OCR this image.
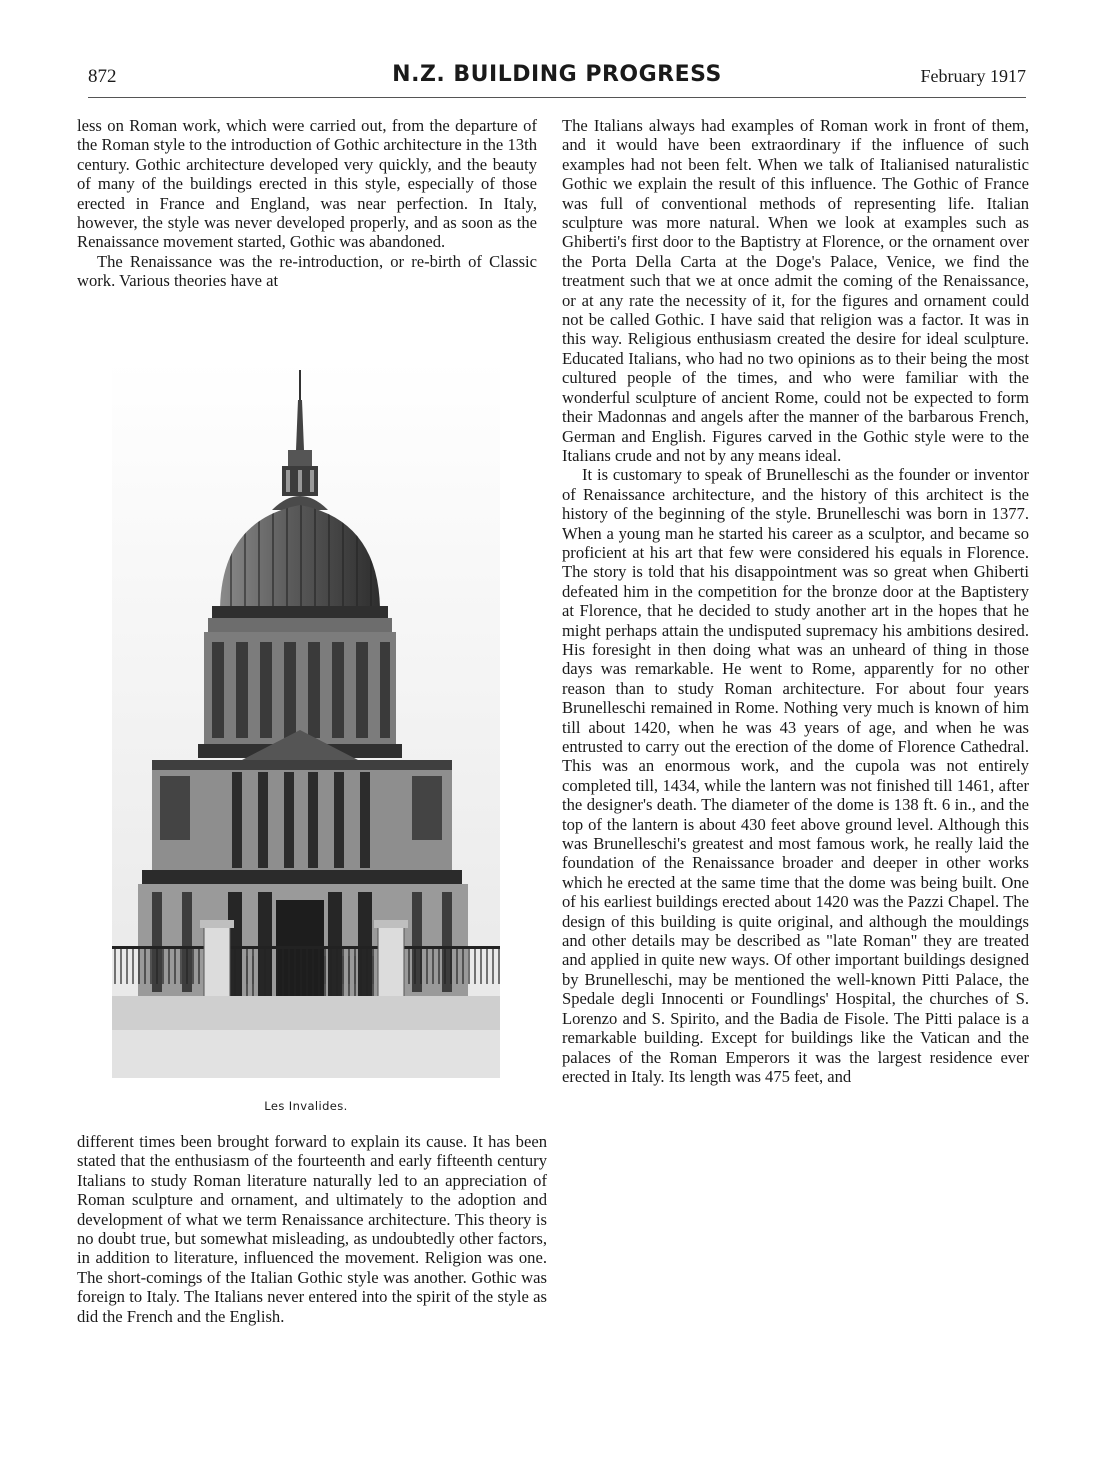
872	N.Z. BUILDING PROGRESS	February 1917

less on Roman work, which were carried out, from the departure of the Roman style to the introduction of Gothic architecture in the 13th century. Gothic architecture developed very quickly, and the beauty of many of the buildings erected in this style, especially of those erected in France and England, was near perfection. In Italy, however, the style was never developed properly, and as soon as the Renaissance movement started, Gothic was abandoned.

The Renaissance was the re-introduction, or re-birth of Classic work. Various theories have at

Les Invalides.

different times been brought forward to explain its cause. It has been stated that the enthusiasm of the fourteenth and early fifteenth century Italians to study Roman literature naturally led to an appreciation of Roman sculpture and ornament, and ultimately to the adoption and development of what we term Renaissance architecture. This theory is no doubt true, but somewhat misleading, as undoubtedly other factors, in addition to literature, influenced the movement. Religion was one. The short-comings of the Italian Gothic style was another. Gothic was foreign to Italy. The Italians never entered into the spirit of the style as did the French and the English.

The Italians always had examples of Roman work in front of them, and it would have been extraordinary if the influence of such examples had not been felt. When we talk of Italianised naturalistic Gothic we explain the result of this influence. The Gothic of France was full of conventional methods of representing life. Italian sculpture was more natural. When we look at examples such as Ghiberti's first door to the Baptistry at Florence, or the ornament over the Porta Della Carta at the Doge's Palace, Venice, we find the treatment such that we at once admit the coming of the Renaissance, or at any rate the necessity of it, for the figures and ornament could not be called Gothic. I have said that religion was a factor. It was in this way. Religious enthusiasm created the desire for ideal sculpture. Educated Italians, who had no two opinions as to their being the most cultured people of the times, and who were familiar with the wonderful sculpture of ancient Rome, could not be expected to form their Madonnas and angels after the manner of the barbarous French, German and English. Figures carved in the Gothic style were to the Italians crude and not by any means ideal.

It is customary to speak of Brunelleschi as the founder or inventor of Renaissance architecture, and the history of this architect is the history of the beginning of the style. Brunelleschi was born in 1377. When a young man he started his career as a sculptor, and became so proficient at his art that few were considered his equals in Florence. The story is told that his disappointment was so great when Ghiberti defeated him in the competition for the bronze door at the Baptistery at Florence, that he decided to study another art in the hopes that he might perhaps attain the undisputed supremacy his ambitions desired. His foresight in then doing what was an unheard of thing in those days was remarkable. He went to Rome, apparently for no other reason than to study Roman architecture. For about four years Brunelleschi remained in Rome. Nothing very much is known of him till about 1420, when he was 43 years of age, and when he was entrusted to carry out the erection of the dome of Florence Cathedral. This was an enormous work, and the cupola was not entirely completed till, 1434, while the lantern was not finished till 1461, after the designer's death. The diameter of the dome is 138 ft. 6 in., and the top of the lantern is about 430 feet above ground level. Although this was Brunelleschi's greatest and most famous work, he really laid the foundation of the Renaissance broader and deeper in other works which he erected at the same time that the dome was being built. One of his earliest buildings erected about 1420 was the Pazzi Chapel. The design of this building is quite original, and although the mouldings and other details may be described as "late Roman" they are treated and applied in quite new ways. Of other important buildings designed by Brunelleschi, may be mentioned the well-known Pitti Palace, the Spedale degli Innocenti or Foundlings' Hospital, the churches of S. Lorenzo and S. Spirito, and the Badia de Fisole. The Pitti palace is a remarkable building. Except for buildings like the Vatican and the palaces of the Roman Emperors it was the largest residence ever erected in Italy. Its length was 475 feet, and
